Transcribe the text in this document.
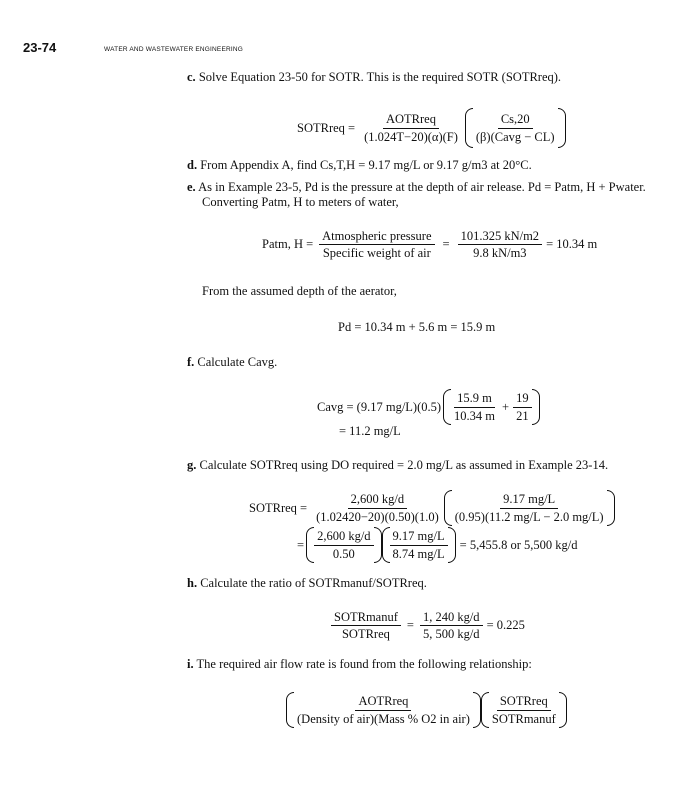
23-74	WATER AND WASTEWATER ENGINEERING
c. Solve Equation 23-50 for SOTR. This is the required SOTR (SOTRreq).
SOTRreq = $\frac{\text{AOTRreq}}{(1.024T-20)(\alpha)(F)} \frac{Cs,20}{\text{(β)(Cavg − CL)}}$
d. From Appendix A, find Cs,T,H = 9.17 mg/L or 9.17 g/m3 at 20°C.
e. As in Example 23-5, Pd is the pressure at the depth of air release. Pd = Patm, H + Pwater.
Converting Patm, H to meters of water,
Patm, $H = \frac{\text{Atmospheric pressure}}{\text{Specific weight of air}} = \frac{101.325 kN/m2}{9.8 kN/m3} = 10.34$ m
From the assumed depth of the aerator,
Pd = 10.34 m + 5.6 m = 15.9 m
f. Calculate Cavg.
Cavg = (9.17 $mg/L)(0.5) \frac{15.9 m}{10.34 m} + \frac{19}{21}$
= 11.2 mg/L
g. Calculate SOTRreq using DO required = 2.0 mg/L as assumed in Example 23-14.
SOTRreq = $\frac{2,600 kg/d}{(1.02420-20)(0.50)(1.0)} \frac{9.17 mg/L}{(0.95)(11.2 mg/L - 2.0 mg/L)}$
= $\frac{2,600 kg/d}{0.50} \frac{9.17 mg/L}{8.74 mg/L} = 5,455.8$ or 5,500 kg/d
h. Calculate the ratio of SOTRmanuf/SOTRreq.
$\frac{\text{SOTRmanuf}}{\text{SOTRreq}} = \frac{1, 240 kg/d}{5, 500 kg/d} = 0.225$
i. The required air flow rate is found from the following relationship:
$\frac{\text{AOTRreq}}{\text{(Density of air)(Mass \% O2 in air)}} \frac{\text{SOTRreq}}{\text{SOTRmanuf}}$
